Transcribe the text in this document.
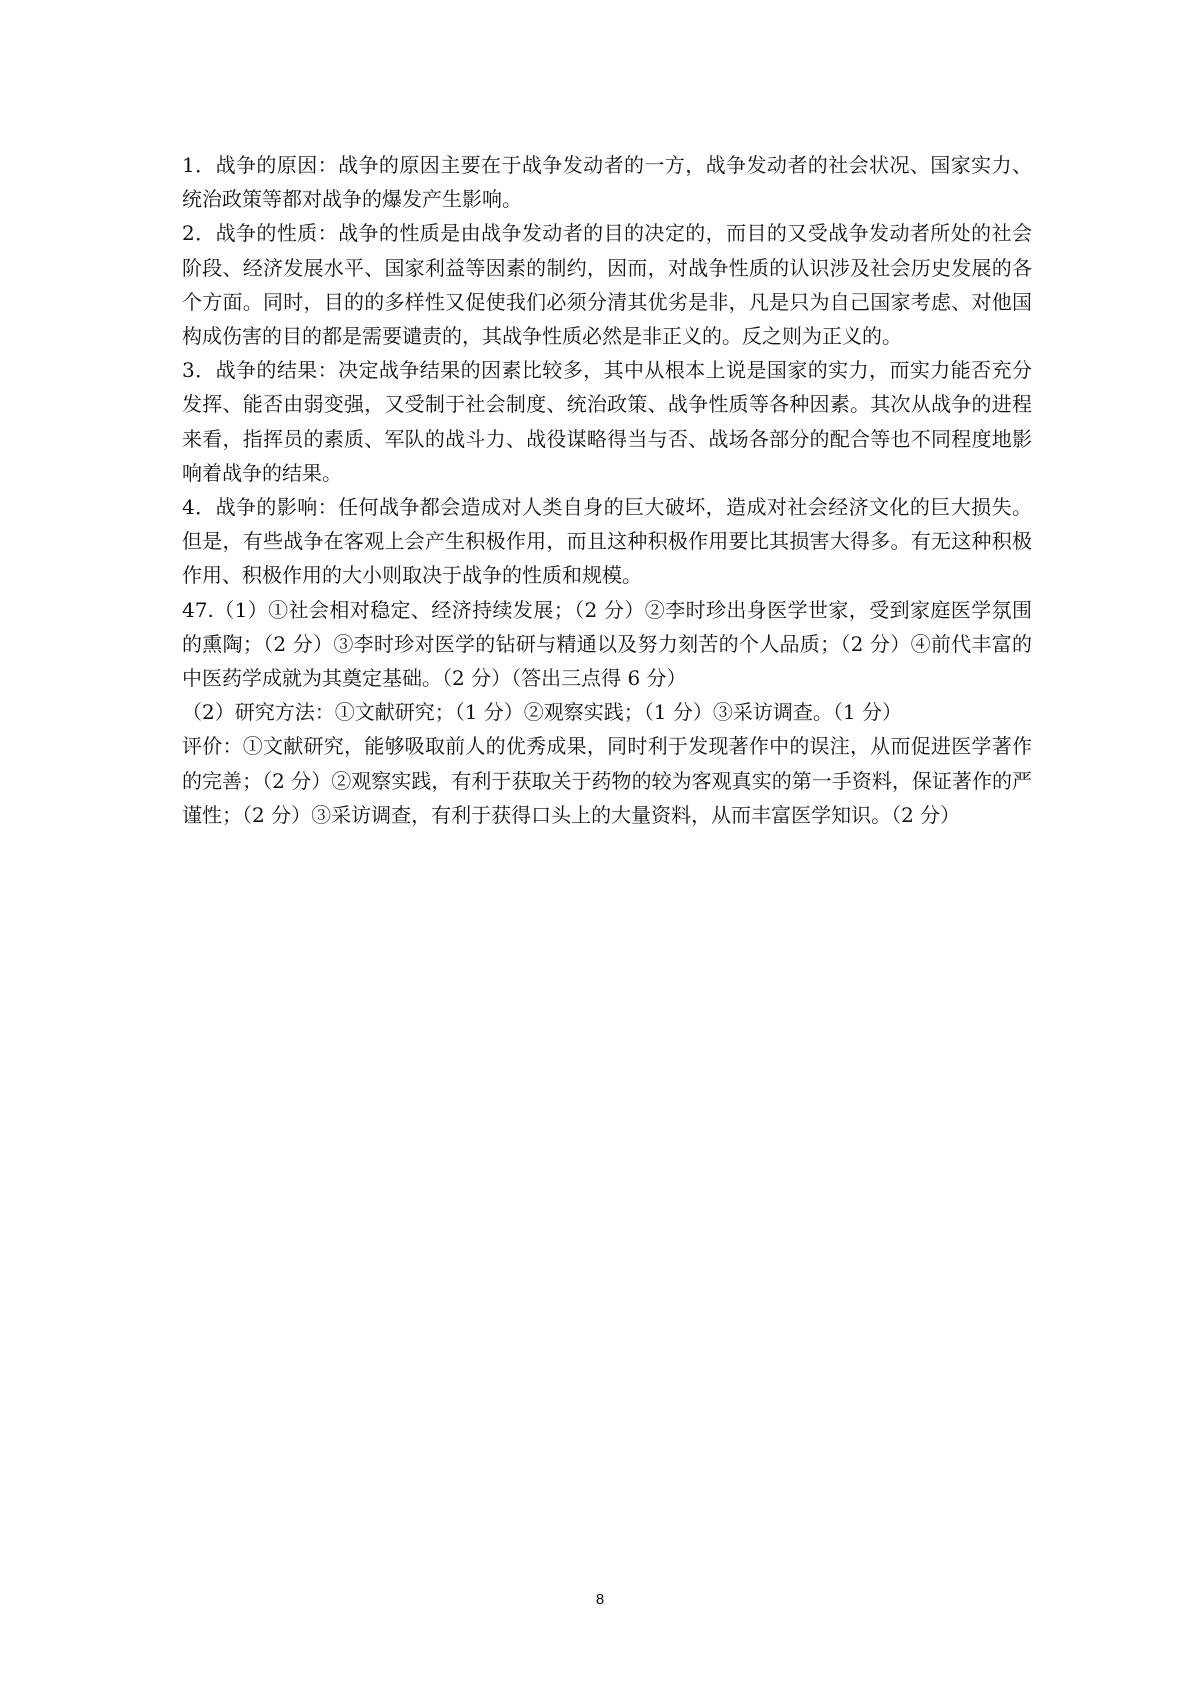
1．战争的原因：战争的原因主要在于战争发动者的一方，战争发动者的社会状况、国家实力、统治政策等都对战争的爆发产生影响。

2．战争的性质：战争的性质是由战争发动者的目的决定的，而目的又受战争发动者所处的社会阶段、经济发展水平、国家利益等因素的制约，因而，对战争性质的认识涉及社会历史发展的各个方面。同时，目的的多样性又促使我们必须分清其优劣是非，凡是只为自己国家考虑、对他国构成伤害的目的都是需要谴责的，其战争性质必然是非正义的。反之则为正义的。

3．战争的结果：决定战争结果的因素比较多，其中从根本上说是国家的实力，而实力能否充分发挥、能否由弱变强，又受制于社会制度、统治政策、战争性质等各种因素。其次从战争的进程来看，指挥员的素质、军队的战斗力、战役谋略得当与否、战场各部分的配合等也不同程度地影响着战争的结果。

4．战争的影响：任何战争都会造成对人类自身的巨大破坏，造成对社会经济文化的巨大损失。但是，有些战争在客观上会产生积极作用，而且这种积极作用要比其损害大得多。有无这种积极作用、积极作用的大小则取决于战争的性质和规模。

47.（1）①社会相对稳定、经济持续发展；（2 分）②李时珍出身医学世家，受到家庭医学氛围的熏陶；（2 分）③李时珍对医学的钻研与精通以及努力刻苦的个人品质；（2 分）④前代丰富的中医药学成就为其奠定基础。（2 分）（答出三点得 6 分）

（2）研究方法：①文献研究；（1 分）②观察实践；（1 分）③采访调查。（1 分）

评价：①文献研究，能够吸取前人的优秀成果，同时利于发现著作中的误注，从而促进医学著作的完善；（2 分）②观察实践，有利于获取关于药物的较为客观真实的第一手资料，保证著作的严谨性；（2 分）③采访调查，有利于获得口头上的大量资料，从而丰富医学知识。（2 分）

8
